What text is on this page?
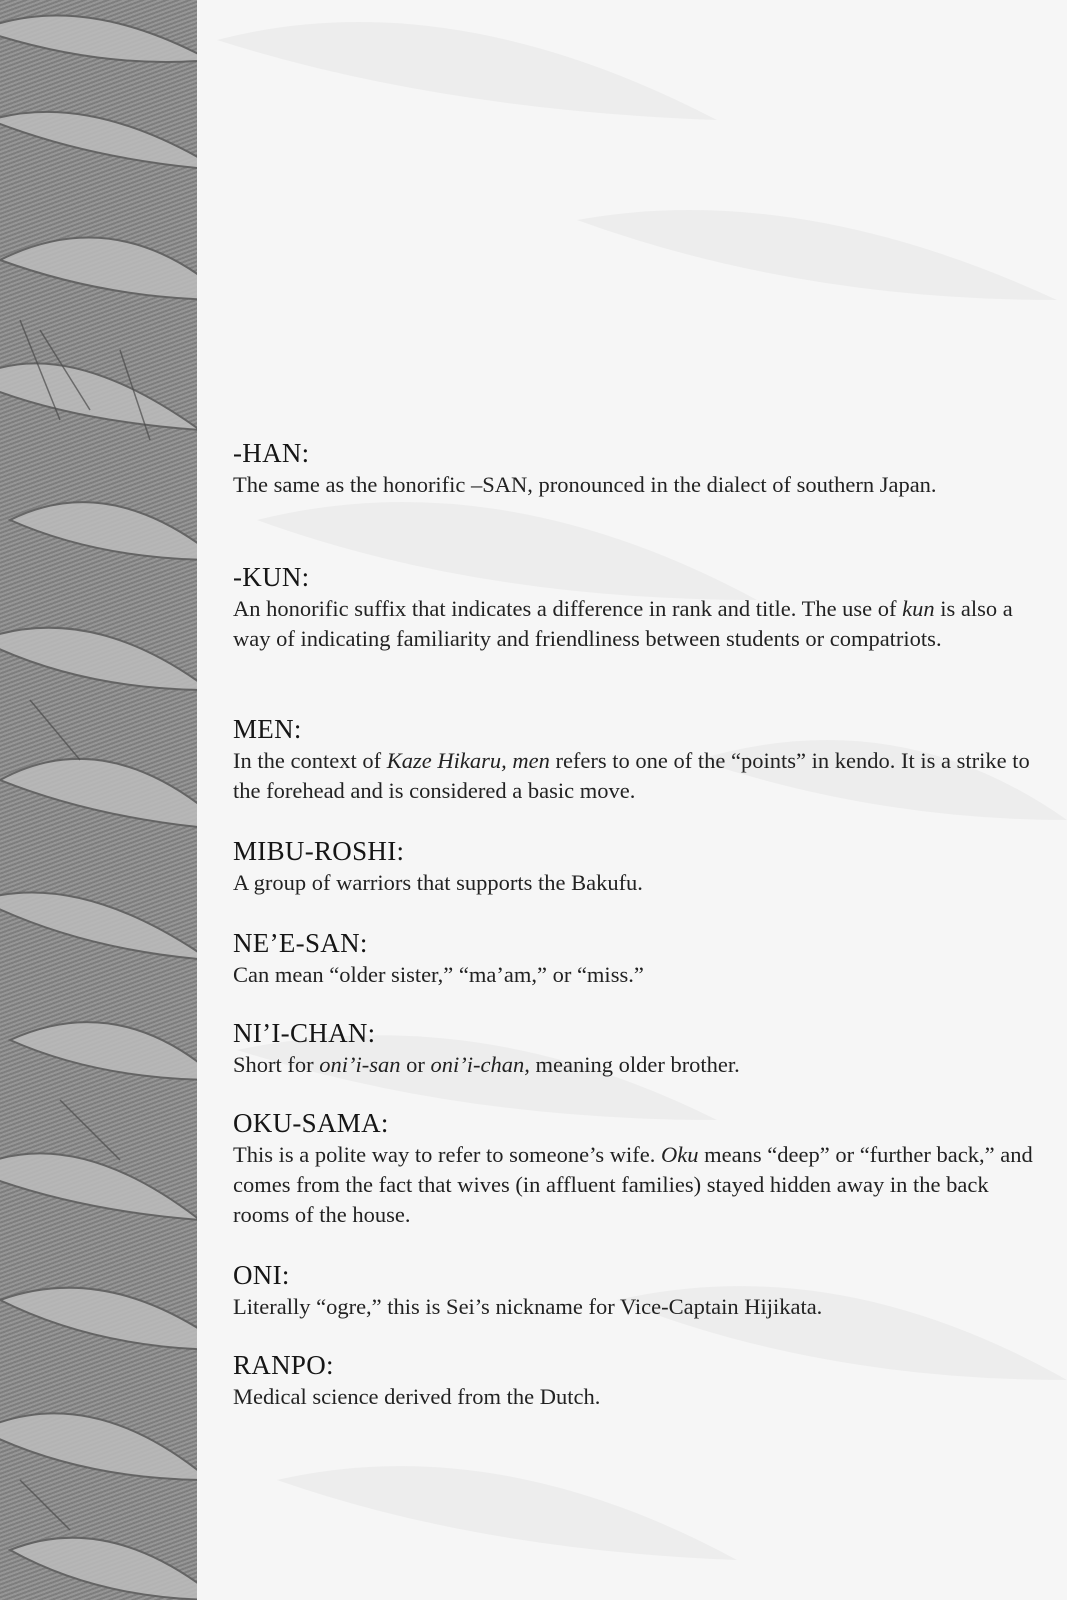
-HAN:

The same as the honorific –SAN, pronounced in the dialect of southern Japan.

-KUN:

An honorific suffix that indicates a difference in rank and title. The use of kun is also a way of indicating familiarity and friendliness between students or compatriots.

MEN:

In the context of Kaze Hikaru, men refers to one of the “points” in kendo. It is a strike to the forehead and is considered a basic move.

MIBU-ROSHI:

A group of warriors that supports the Bakufu.

NE’E-SAN:

Can mean “older sister,” “ma’am,” or “miss.”

NI’I-CHAN:

Short for oni’i-san or oni’i-chan, meaning older brother.

OKU-SAMA:

This is a polite way to refer to someone’s wife. Oku means “deep” or “further back,” and comes from the fact that wives (in affluent families) stayed hidden away in the back rooms of the house.

ONI:

Literally “ogre,” this is Sei’s nickname for Vice-Captain Hijikata.

RANPO:

Medical science derived from the Dutch.
